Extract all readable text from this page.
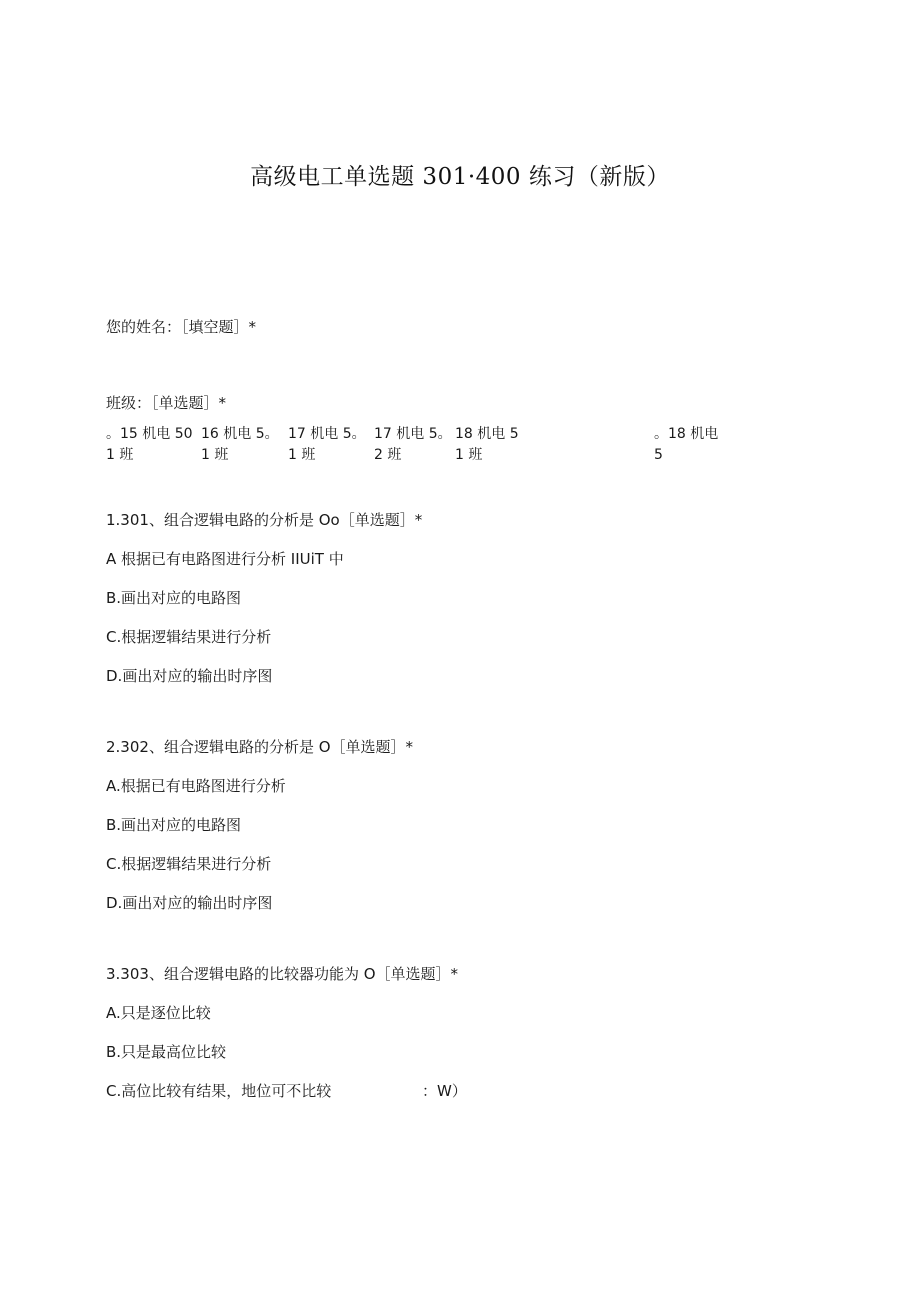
高级电工单选题 301·400 练习（新版）
您的姓名：［填空题］*
班级：［单选题］*
。15 机电 50
1 班
16 机电 5。
1 班
17 机电 5。
1 班
17 机电 5。
2 班
18 机电 5
1 班
。18 机电
5
1.301、组合逻辑电路的分析是 Oo［单选题］*
A 根据已有电路图进行分析 IIUiT 中
B.画出对应的电路图
C.根据逻辑结果进行分析
D.画出对应的输出时序图
2.302、组合逻辑电路的分析是 O［单选题］*
A.根据已有电路图进行分析
B.画出对应的电路图
C.根据逻辑结果进行分析
D.画出对应的输出时序图
3.303、组合逻辑电路的比较器功能为 O［单选题］*
A.只是逐位比较
B.只是最高位比较
C.高位比较有结果，地位可不比较	：W）
